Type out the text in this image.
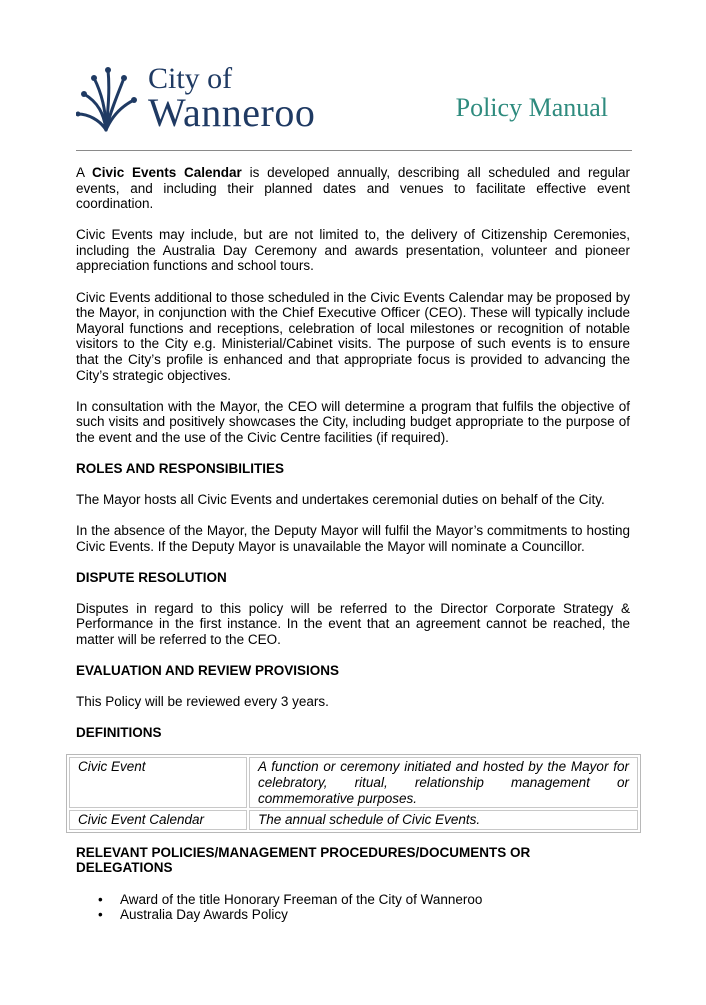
City of
Wanneroo	Policy Manual

A Civic Events Calendar is developed annually, describing all scheduled and regular events, and including their planned dates and venues to facilitate effective event coordination.

Civic Events may include, but are not limited to, the delivery of Citizenship Ceremonies, including the Australia Day Ceremony and awards presentation, volunteer and pioneer appreciation functions and school tours.

Civic Events additional to those scheduled in the Civic Events Calendar may be proposed by the Mayor, in conjunction with the Chief Executive Officer (CEO). These will typically include Mayoral functions and receptions, celebration of local milestones or recognition of notable visitors to the City e.g. Ministerial/Cabinet visits. The purpose of such events is to ensure that the City’s profile is enhanced and that appropriate focus is provided to advancing the City’s strategic objectives.

In consultation with the Mayor, the CEO will determine a program that fulfils the objective of such visits and positively showcases the City, including budget appropriate to the purpose of the event and the use of the Civic Centre facilities (if required).

ROLES AND RESPONSIBILITIES

The Mayor hosts all Civic Events and undertakes ceremonial duties on behalf of the City.

In the absence of the Mayor, the Deputy Mayor will fulfil the Mayor’s commitments to hosting Civic Events. If the Deputy Mayor is unavailable the Mayor will nominate a Councillor.

DISPUTE RESOLUTION

Disputes in regard to this policy will be referred to the Director Corporate Strategy & Performance in the first instance. In the event that an agreement cannot be reached, the matter will be referred to the CEO.

EVALUATION AND REVIEW PROVISIONS

This Policy will be reviewed every 3 years.

DEFINITIONS
Civic Event	A function or ceremony initiated and hosted by the Mayor for celebratory, ritual, relationship management or commemorative purposes.
Civic Event Calendar	The annual schedule of Civic Events.
RELEVANT POLICIES/MANAGEMENT PROCEDURES/DOCUMENTS OR DELEGATIONS
• Award of the title Honorary Freeman of the City of Wanneroo
• Australia Day Awards Policy
